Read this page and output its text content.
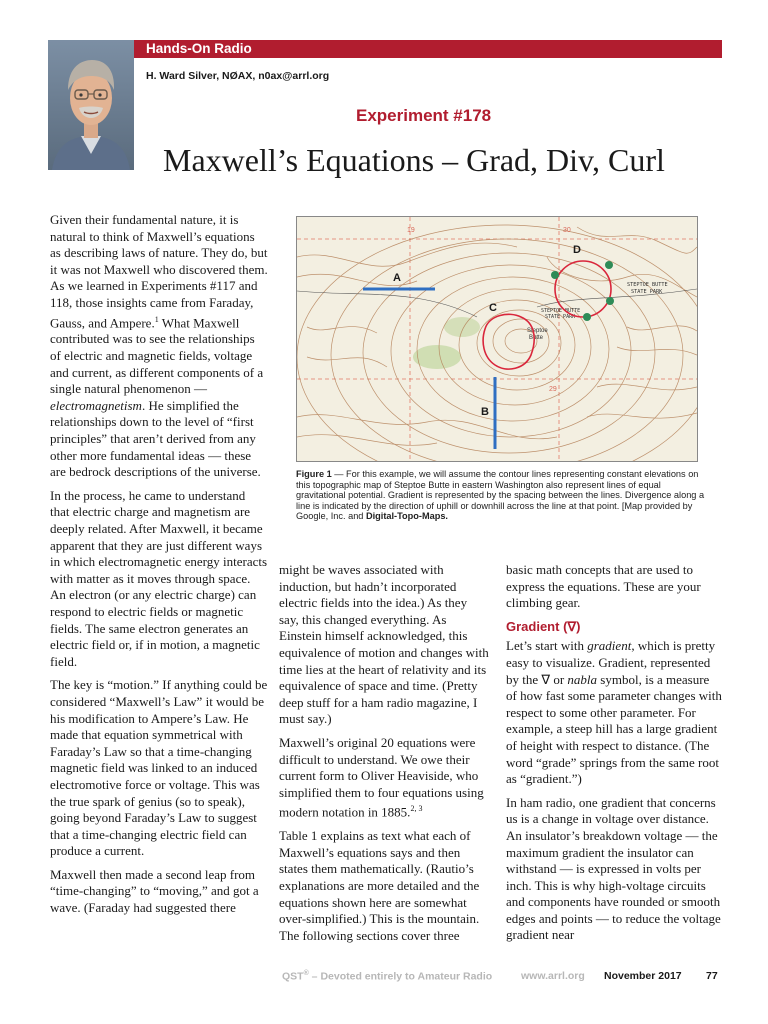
Hands-On Radio
H. Ward Silver, NØAX, n0ax@arrl.org
Experiment #178
Maxwell’s Equations – Grad, Div, Curl

Given their fundamental nature, it is natural to think of Maxwell’s equations as describing laws of nature. They do, but it was not Maxwell who discovered them. As we learned in Experiments #117 and 118, those insights came from Faraday, Gauss, and Ampere.$^1$ What Maxwell contributed was to see the relationships of electric and magnetic fields, voltage and current, as different components of a single natural phenomenon — electromagnetism. He simplified the relationships down to the level of “first principles” that aren’t derived from any other more fundamental ideas — these are bedrock descriptions of the universe.

In the process, he came to understand that electric charge and magnetism are deeply related. After Maxwell, it became apparent that they are just different ways in which electromagnetic energy interacts with matter as it moves through space. An electron (or any electric charge) can respond to electric fields or magnetic fields. The same electron generates an electric field or, if in motion, a magnetic field.

The key is “motion.” If anything could be considered “Maxwell’s Law” it would be his modification to Ampere’s Law. He made that equation symmetrical with Faraday’s Law so that a time-changing magnetic field was linked to an induced electromotive force or voltage. This was the true spark of genius (so to speak), going beyond Faraday’s Law to suggest that a time-changing electric field can produce a current.

Maxwell then made a second leap from “time-changing” to “moving,” and got a wave. (Faraday had suggested there

STEPTOE BUTTE
STATE PARK
STEPTOE BUTTE
STATE PARK
Steptoe
Butte
19	30
29
A
B
C
D
Figure 1 — For this example, we will assume the contour lines representing constant elevations on this topographic map of Steptoe Butte in eastern Washington also represent lines of equal gravitational potential. Gradient is represented by the spacing between the lines. Divergence along a line is indicated by the direction of uphill or downhill across the line at that point. [Map provided by Google, Inc. and Digital-Topo-Maps.

might be waves associated with induction, but hadn’t incorporated electric fields into the idea.) As they say, this changed everything. As Einstein himself acknowledged, this equivalence of motion and changes with time lies at the heart of relativity and its equivalence of space and time. (Pretty deep stuff for a ham radio magazine, I must say.)

Maxwell’s original 20 equations were difficult to understand. We owe their current form to Oliver Heaviside, who simplified them to four equations using modern notation in 1885.$^{2, 3}$

Table 1 explains as text what each of Maxwell’s equations says and then states them mathematically. (Rautio’s explanations are more detailed and the equations shown here are somewhat over-simplified.) This is the mountain. The following sections cover three

basic math concepts that are used to express the equations. These are your climbing gear.

Gradient (∇)

Let’s start with gradient, which is pretty easy to visualize. Gradient, represented by the ∇ or nabla symbol, is a measure of how fast some parameter changes with respect to some other parameter. For example, a steep hill has a large gradient of height with respect to distance. (The word “grade” springs from the same root as “gradient.”)

In ham radio, one gradient that concerns us is a change in voltage over distance. An insulator’s breakdown voltage — the maximum gradient the insulator can withstand — is expressed in volts per inch. This is why high-voltage circuits and components have rounded or smooth edges and points — to reduce the voltage gradient near

QST® – Devoted entirely to Amateur Radio	www.arrl.org November 2017 77
